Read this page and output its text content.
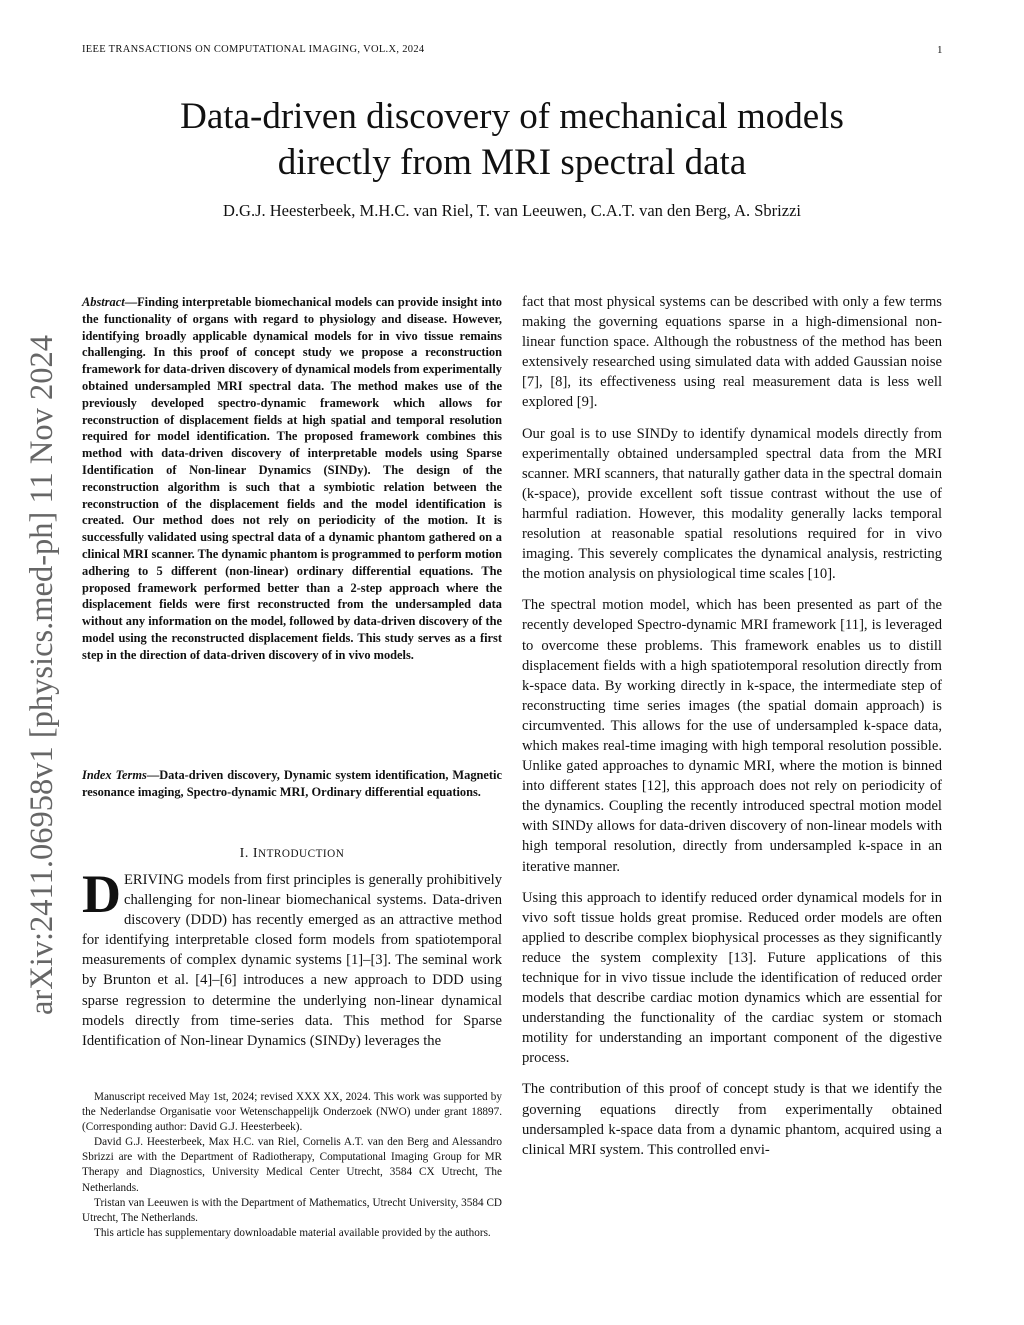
IEEE TRANSACTIONS ON COMPUTATIONAL IMAGING, VOL.X, 2024	1
Data-driven discovery of mechanical models
directly from MRI spectral data
D.G.J. Heesterbeek, M.H.C. van Riel, T. van Leeuwen, C.A.T. van den Berg, A. Sbrizzi
arXiv:2411.06958v1 [physics.med-ph] 11 Nov 2024
Abstract—Finding interpretable biomechanical models can provide insight into the functionality of organs with regard to physiology and disease. However, identifying broadly applicable dynamical models for in vivo tissue remains challenging. In this proof of concept study we propose a reconstruction framework for data-driven discovery of dynamical models from experimentally obtained undersampled MRI spectral data. The method makes use of the previously developed spectro-dynamic framework which allows for reconstruction of displacement fields at high spatial and temporal resolution required for model identification. The proposed framework combines this method with data-driven discovery of interpretable models using Sparse Identification of Non-linear Dynamics (SINDy). The design of the reconstruction algorithm is such that a symbiotic relation between the reconstruction of the displacement fields and the model identification is created. Our method does not rely on periodicity of the motion. It is successfully validated using spectral data of a dynamic phantom gathered on a clinical MRI scanner. The dynamic phantom is programmed to perform motion adhering to 5 different (non-linear) ordinary differential equations. The proposed framework performed better than a 2-step approach where the displacement fields were first reconstructed from the undersampled data without any information on the model, followed by data-driven discovery of the model using the reconstructed displacement fields. This study serves as a first step in the direction of data-driven discovery of in vivo models.
Index Terms—Data-driven discovery, Dynamic system identification, Magnetic resonance imaging, Spectro-dynamic MRI, Ordinary differential equations.
I. INTRODUCTION
DERIVING models from first principles is generally prohibitively challenging for non-linear biomechanical systems. Data-driven discovery (DDD) has recently emerged as an attractive method for identifying interpretable closed form models from spatiotemporal measurements of complex dynamic systems [1]–[3]. The seminal work by Brunton et al. [4]–[6] introduces a new approach to DDD using sparse regression to determine the underlying non-linear dynamical models directly from time-series data. This method for Sparse Identification of Non-linear Dynamics (SINDy) leverages the

Manuscript received May 1st, 2024; revised XXX XX, 2024. This work was supported by the Nederlandse Organisatie voor Wetenschappelijk Onderzoek (NWO) under grant 18897. (Corresponding author: David G.J. Heesterbeek).

David G.J. Heesterbeek, Max H.C. van Riel, Cornelis A.T. van den Berg and Alessandro Sbrizzi are with the Department of Radiotherapy, Computational Imaging Group for MR Therapy and Diagnostics, University Medical Center Utrecht, 3584 CX Utrecht, The Netherlands.

Tristan van Leeuwen is with the Department of Mathematics, Utrecht University, 3584 CD Utrecht, The Netherlands.

This article has supplementary downloadable material available provided by the authors.

fact that most physical systems can be described with only a few terms making the governing equations sparse in a high-dimensional non-linear function space. Although the robustness of the method has been extensively researched using simulated data with added Gaussian noise [7], [8], its effectiveness using real measurement data is less well explored [9].

Our goal is to use SINDy to identify dynamical models directly from experimentally obtained undersampled spectral data from the MRI scanner. MRI scanners, that naturally gather data in the spectral domain (k-space), provide excellent soft tissue contrast without the use of harmful radiation. However, this modality generally lacks temporal resolution at reasonable spatial resolutions required for in vivo imaging. This severely complicates the dynamical analysis, restricting the motion analysis on physiological time scales [10].

The spectral motion model, which has been presented as part of the recently developed Spectro-dynamic MRI framework [11], is leveraged to overcome these problems. This framework enables us to distill displacement fields with a high spatiotemporal resolution directly from k-space data. By working directly in k-space, the intermediate step of reconstructing time series images (the spatial domain approach) is circumvented. This allows for the use of undersampled k-space data, which makes real-time imaging with high temporal resolution possible. Unlike gated approaches to dynamic MRI, where the motion is binned into different states [12], this approach does not rely on periodicity of the dynamics. Coupling the recently introduced spectral motion model with SINDy allows for data-driven discovery of non-linear models with high temporal resolution, directly from undersampled k-space in an iterative manner.

Using this approach to identify reduced order dynamical models for in vivo soft tissue holds great promise. Reduced order models are often applied to describe complex biophysical processes as they significantly reduce the system complexity [13]. Future applications of this technique for in vivo tissue include the identification of reduced order models that describe cardiac motion dynamics which are essential for understanding the functionality of the cardiac system or stomach motility for understanding an important component of the digestive process.

The contribution of this proof of concept study is that we identify the governing equations directly from experimentally obtained undersampled k-space data from a dynamic phantom, acquired using a clinical MRI system. This controlled envi-
